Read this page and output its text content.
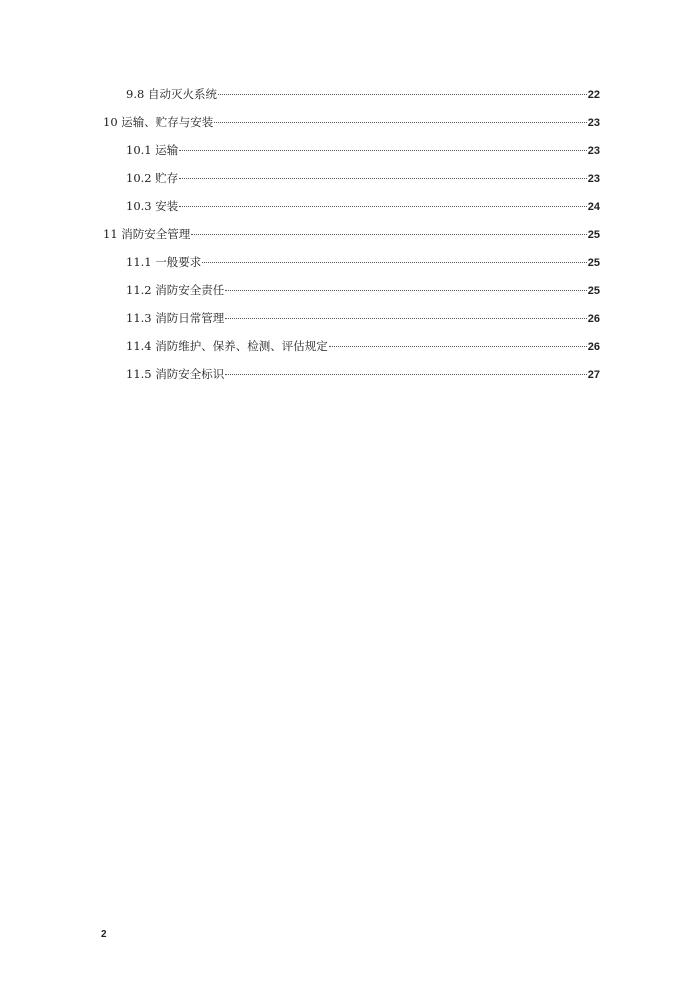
9.8 自动灭火系统	22
10 运输、贮存与安装	23
10.1 运输	23
10.2 贮存	23
10.3 安装	24
11 消防安全管理	25
11.1 一般要求	25
11.2 消防安全责任	25
11.3 消防日常管理	26
11.4 消防维护、保养、检测、评估规定	26
11.5 消防安全标识	27
2
